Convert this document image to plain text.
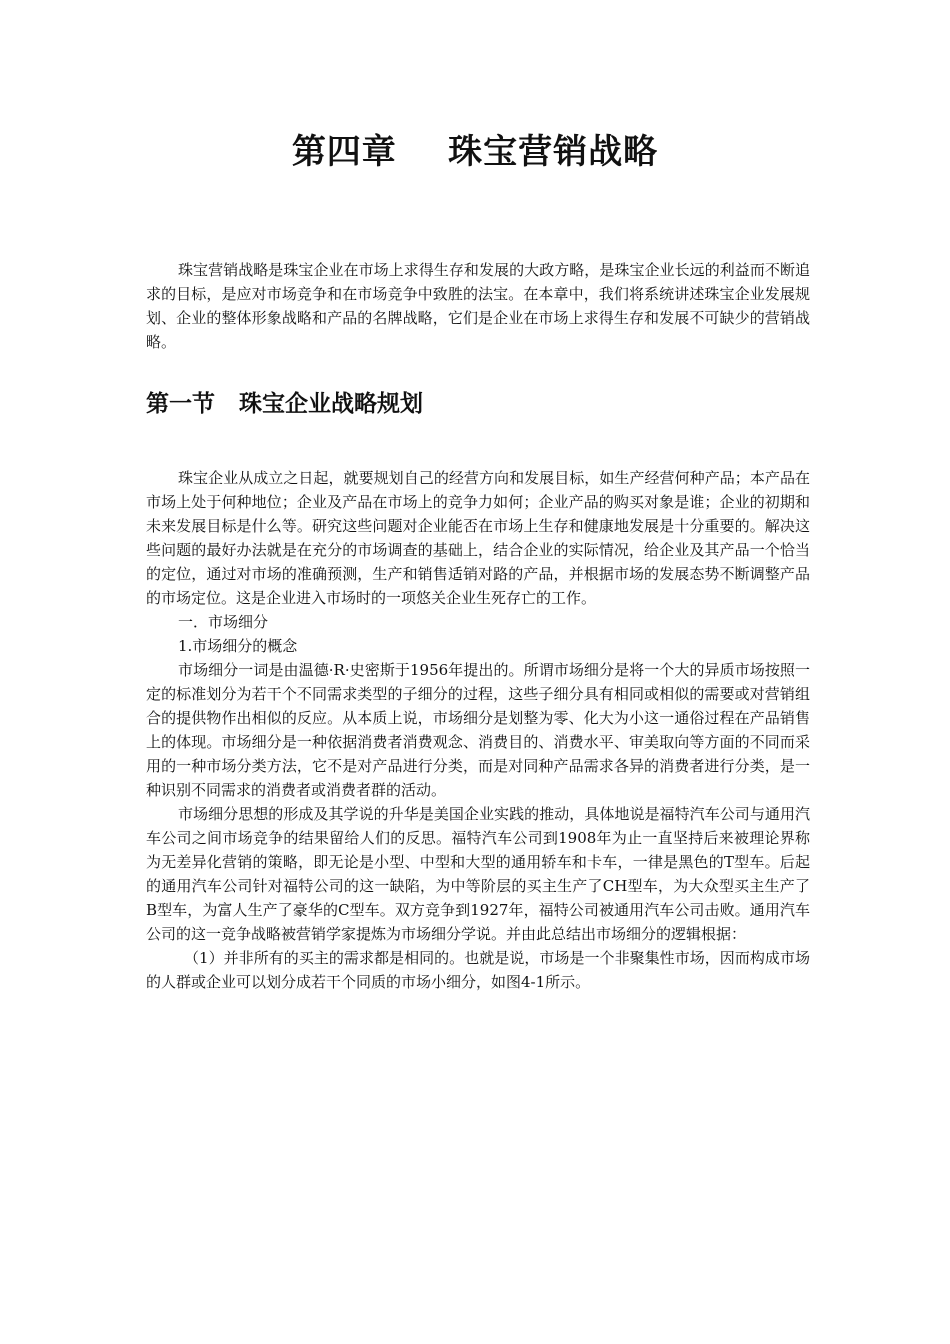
第四章    珠宝营销战略

珠宝营销战略是珠宝企业在市场上求得生存和发展的大政方略，是珠宝企业长远的利益而不断追求的目标，是应对市场竞争和在市场竞争中致胜的法宝。在本章中，我们将系统讲述珠宝企业发展规划、企业的整体形象战略和产品的名牌战略，它们是企业在市场上求得生存和发展不可缺少的营销战略。

第一节   珠宝企业战略规划

珠宝企业从成立之日起，就要规划自己的经营方向和发展目标，如生产经营何种产品；本产品在市场上处于何种地位；企业及产品在市场上的竞争力如何；企业产品的购买对象是谁；企业的初期和未来发展目标是什么等。研究这些问题对企业能否在市场上生存和健康地发展是十分重要的。解决这些问题的最好办法就是在充分的市场调查的基础上，结合企业的实际情况，给企业及其产品一个恰当的定位，通过对市场的准确预测，生产和销售适销对路的产品，并根据市场的发展态势不断调整产品的市场定位。这是企业进入市场时的一项悠关企业生死存亡的工作。

一．市场细分

1.市场细分的概念

市场细分一词是由温德·R·史密斯于1956年提出的。所谓市场细分是将一个大的异质市场按照一定的标准划分为若干个不同需求类型的子细分的过程，这些子细分具有相同或相似的需要或对营销组合的提供物作出相似的反应。从本质上说，市场细分是划整为零、化大为小这一通俗过程在产品销售上的体现。市场细分是一种依据消费者消费观念、消费目的、消费水平、审美取向等方面的不同而采用的一种市场分类方法，它不是对产品进行分类，而是对同种产品需求各异的消费者进行分类，是一种识别不同需求的消费者或消费者群的活动。

市场细分思想的形成及其学说的升华是美国企业实践的推动，具体地说是福特汽车公司与通用汽车公司之间市场竞争的结果留给人们的反思。福特汽车公司到1908年为止一直坚持后来被理论界称为无差异化营销的策略，即无论是小型、中型和大型的通用轿车和卡车，一律是黑色的T型车。后起的通用汽车公司针对福特公司的这一缺陷，为中等阶层的买主生产了CH型车，为大众型买主生产了B型车，为富人生产了豪华的C型车。双方竞争到1927年，福特公司被通用汽车公司击败。通用汽车公司的这一竞争战略被营销学家提炼为市场细分学说。并由此总结出市场细分的逻辑根据：

（1）并非所有的买主的需求都是相同的。也就是说，市场是一个非聚集性市场，因而构成市场的人群或企业可以划分成若干个同质的市场小细分，如图4-1所示。
